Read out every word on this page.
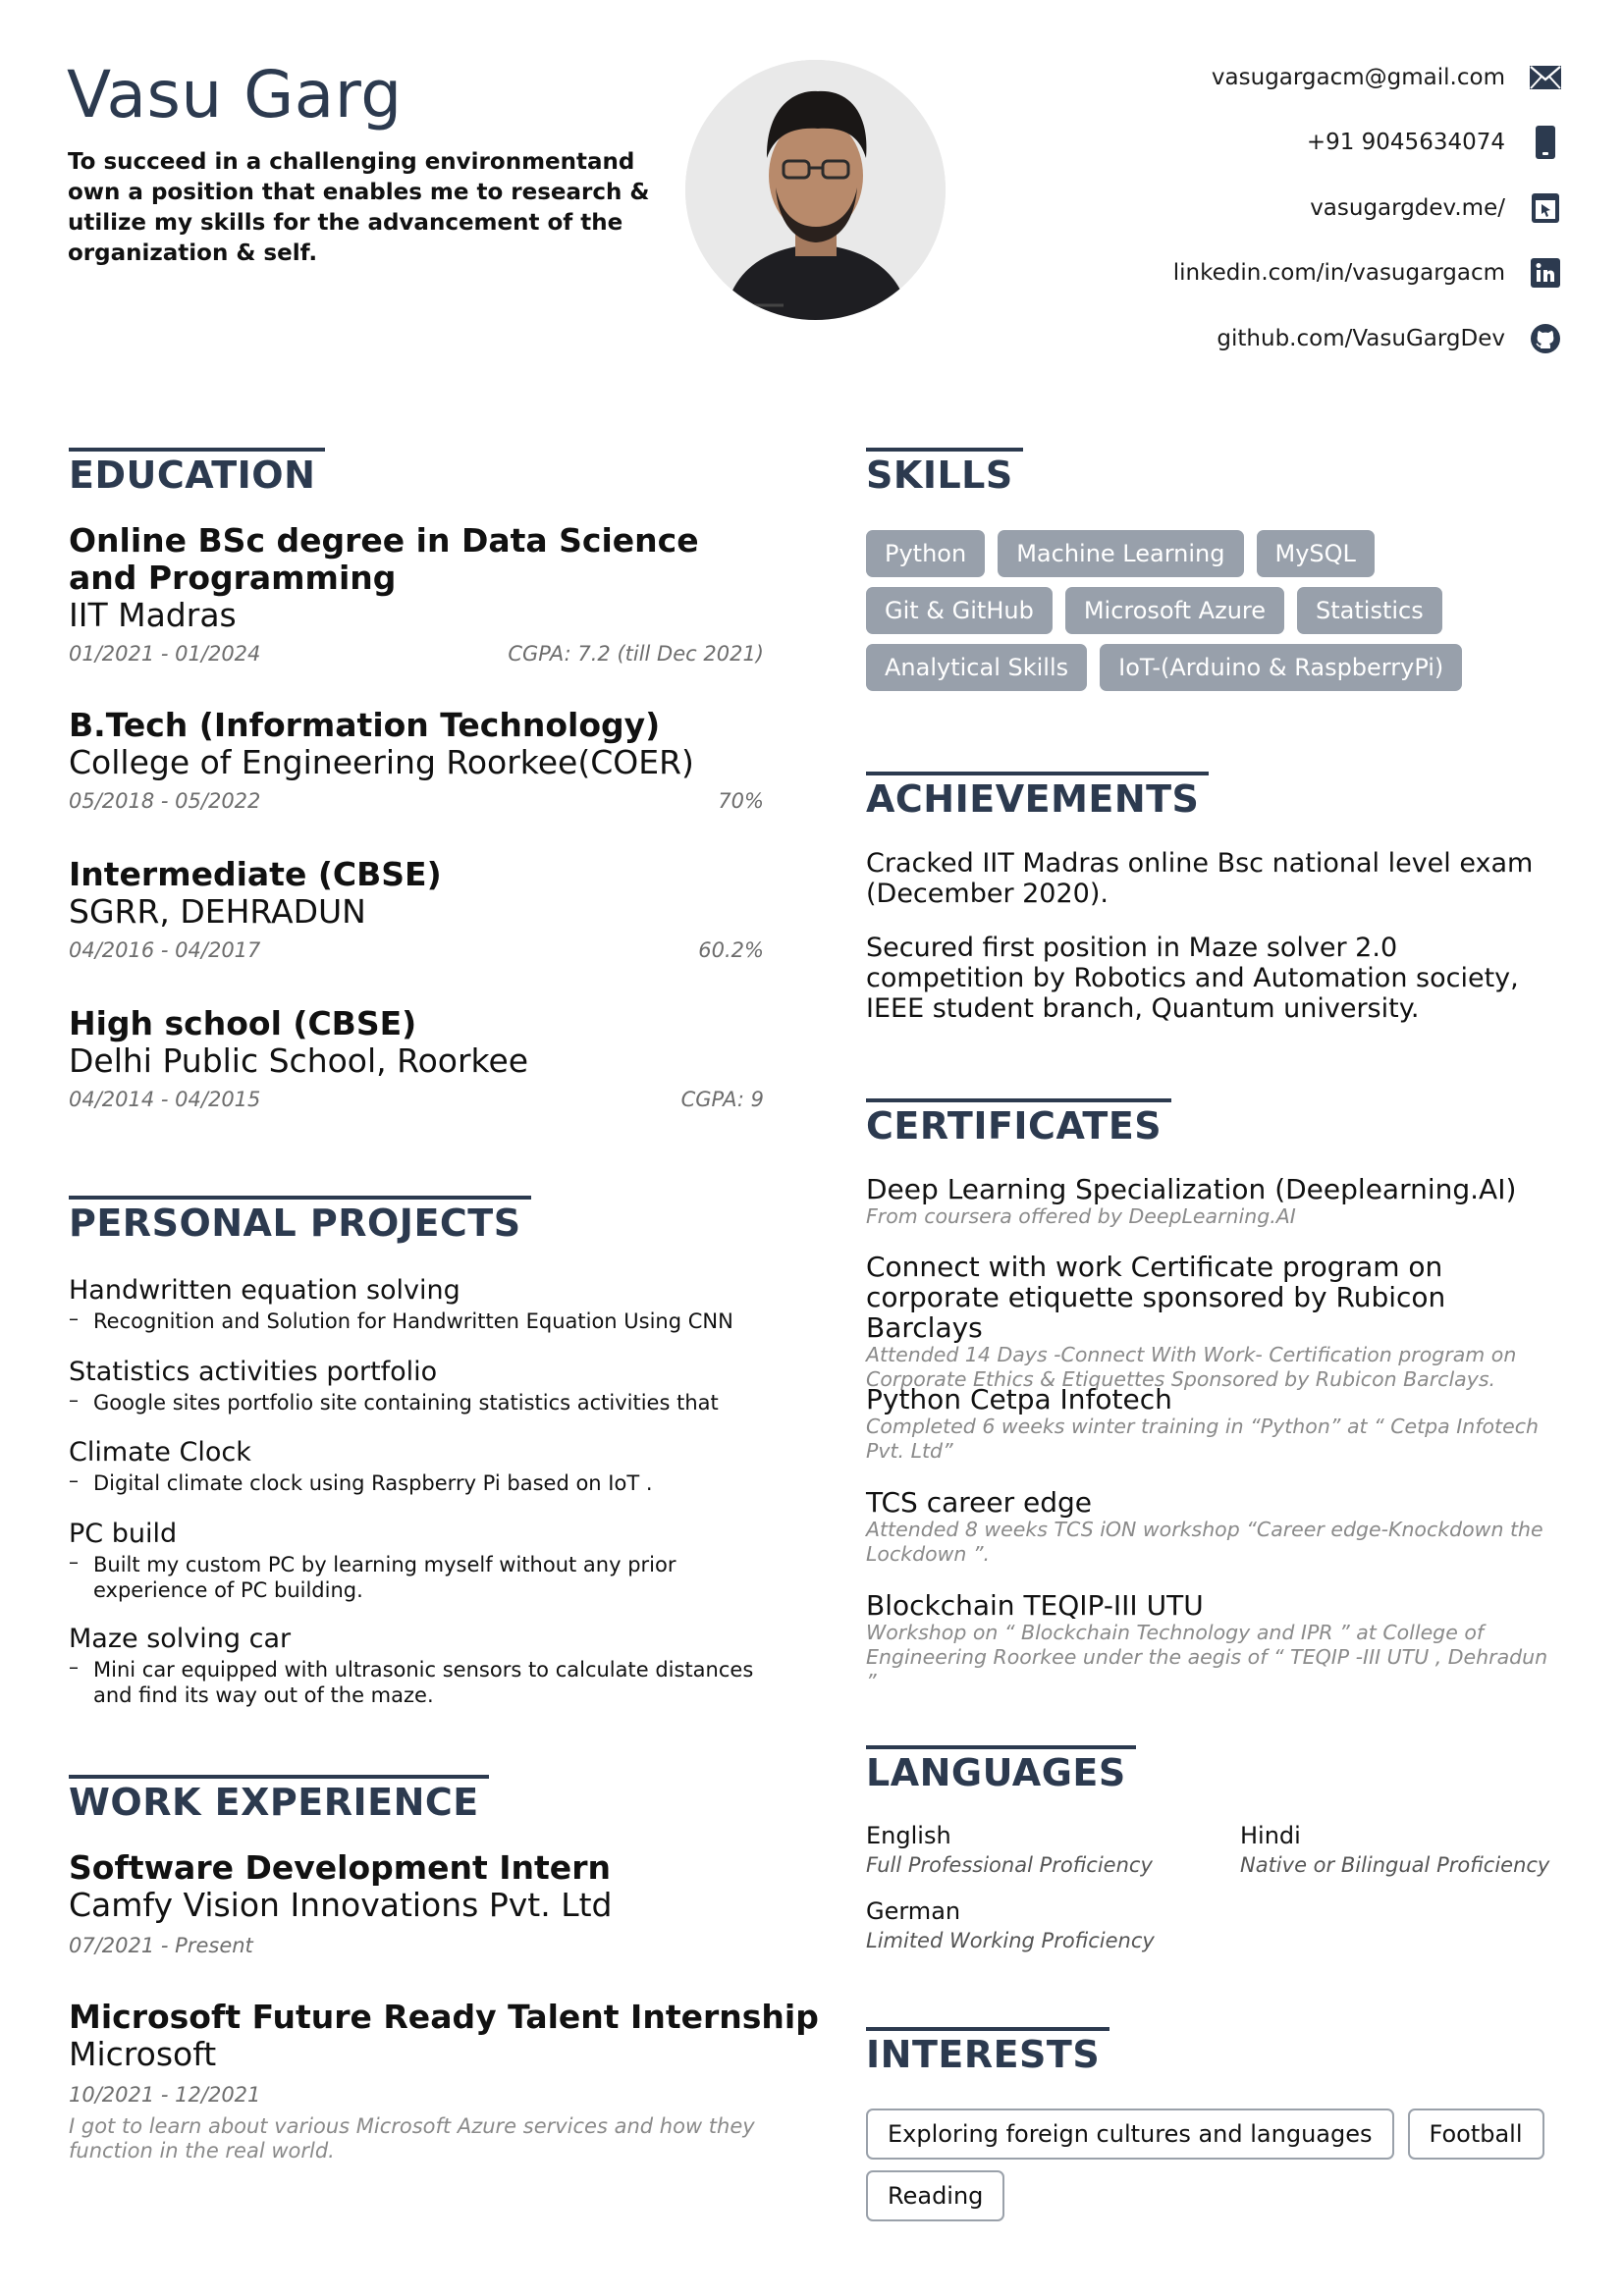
Vasu Garg
To succeed in a challenging environmentand own a position that enables me to research & utilize my skills for the advancement of the organization & self.
vasugargacm@gmail.com
+91 9045634074
vasugargdev.me/
linkedin.com/in/vasugargacm
github.com/VasuGargDev
EDUCATION
Online BSc degree in Data Science and Programming
IIT Madras
01/2021 - 01/2024	CGPA: 7.2 (till Dec 2021)
B.Tech (Information Technology)
College of Engineering Roorkee(COER)
05/2018 - 05/2022	70%
Intermediate (CBSE)
SGRR, DEHRADUN
04/2016 - 04/2017	60.2%
High school (CBSE)
Delhi Public School, Roorkee
04/2014 - 04/2015	CGPA: 9
PERSONAL PROJECTS
Handwritten equation solving
– Recognition and Solution for Handwritten Equation Using CNN
Statistics activities portfolio
– Google sites portfolio site containing statistics activities that
Climate Clock
– Digital climate clock using Raspberry Pi based on IoT .
PC build
– Built my custom PC by learning myself without any prior experience of PC building.
Maze solving car
– Mini car equipped with ultrasonic sensors to calculate distances and find its way out of the maze.
WORK EXPERIENCE
Software Development Intern
Camfy Vision Innovations Pvt. Ltd
07/2021 - Present
Microsoft Future Ready Talent Internship
Microsoft
10/2021 - 12/2021
I got to learn about various Microsoft Azure services and how they function in the real world.
SKILLS
Python	Machine Learning	MySQL
Git & GitHub	Microsoft Azure	Statistics
Analytical Skills	IoT-(Arduino & RaspberryPi)
ACHIEVEMENTS
Cracked IIT Madras online Bsc national level exam (December 2020).
Secured first position in Maze solver 2.0 competition by Robotics and Automation society, IEEE student branch, Quantum university.
CERTIFICATES
Deep Learning Specialization (Deeplearning.AI)
From coursera offered by DeepLearning.AI
Connect with work Certificate program on corporate etiquette sponsored by Rubicon Barclays
Attended 14 Days -Connect With Work- Certification program on Corporate Ethics & Etiquettes Sponsored by Rubicon Barclays.
Python Cetpa Infotech
Completed 6 weeks winter training in “Python” at “ Cetpa Infotech Pvt. Ltd”
TCS career edge
Attended 8 weeks TCS iON workshop “Career edge-Knockdown the Lockdown ”.
Blockchain TEQIP-III UTU
Workshop on “ Blockchain Technology and IPR ” at College of Engineering Roorkee under the aegis of “ TEQIP -III UTU , Dehradun ”
LANGUAGES
English
Full Professional Proficiency
Hindi
Native or Bilingual Proficiency
German
Limited Working Proficiency
INTERESTS
Exploring foreign cultures and languages	Football
Reading
